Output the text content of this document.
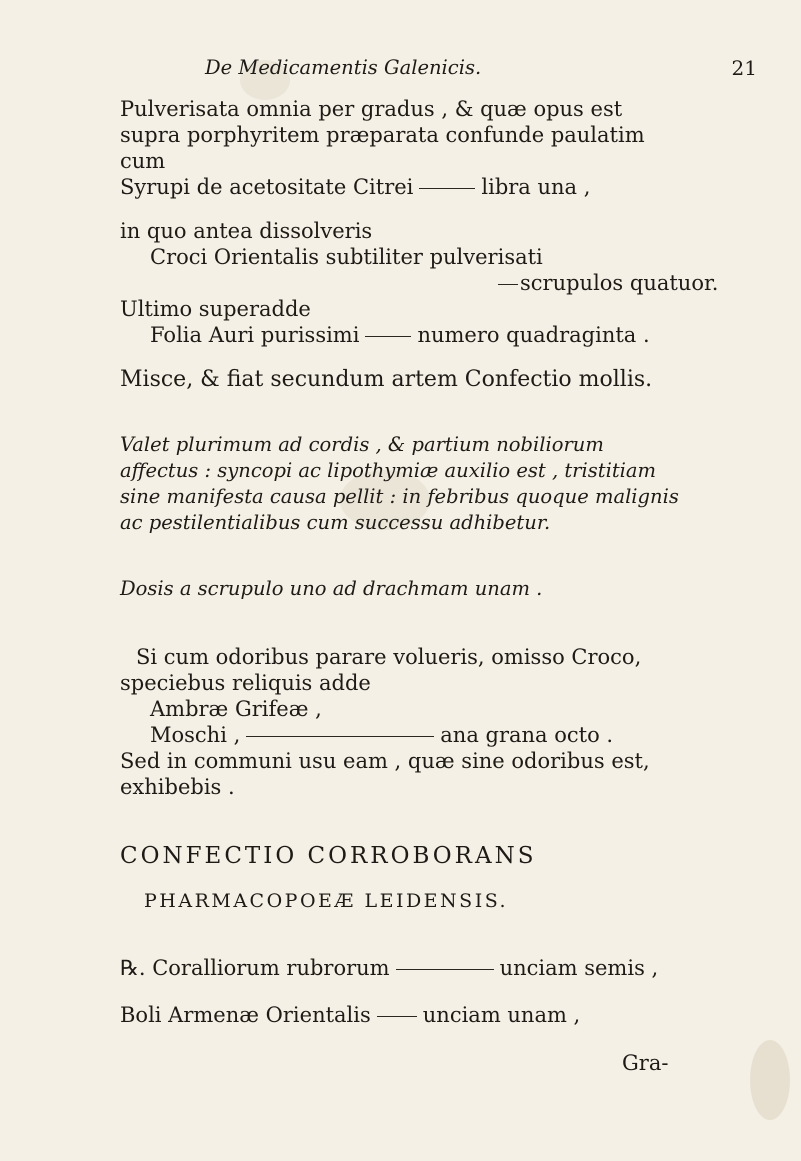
De Medicamentis Galenicis.	21
Pulverisata omnia per gradus , & quæ opus est
supra porphyritem præparata confunde paulatim
cum
Syrupi de acetositate Citrei	libra una ,
in quo antea dissolveris
Croci Orientalis subtiliter pulverisati
scrupulos quatuor.
Ultimo superadde
Folia Auri purissimi	numero quadraginta .
Misce, & fiat secundum artem Confectio mollis.
Valet plurimum ad cordis , & partium nobiliorum
affectus : syncopi ac lipothymiæ auxilio est , tristitiam
sine manifesta causa pellit : in febribus quoque malignis
ac pestilentialibus cum successu adhibetur.
Dosis a scrupulo uno ad drachmam unam .
Si cum odoribus parare volueris, omisso Croco,
speciebus reliquis adde
Ambræ Grifeæ ,
Moschi ,	ana grana octo .
Sed in communi usu eam , quæ sine odoribus est,
exhibebis .
CONFECTIO CORROBORANS
PHARMACOPOEÆ LEIDENSIS.
℞. Coralliorum rubrorum	unciam semis ,
Boli Armenæ Orientalis unciam unam ,
Gra-
